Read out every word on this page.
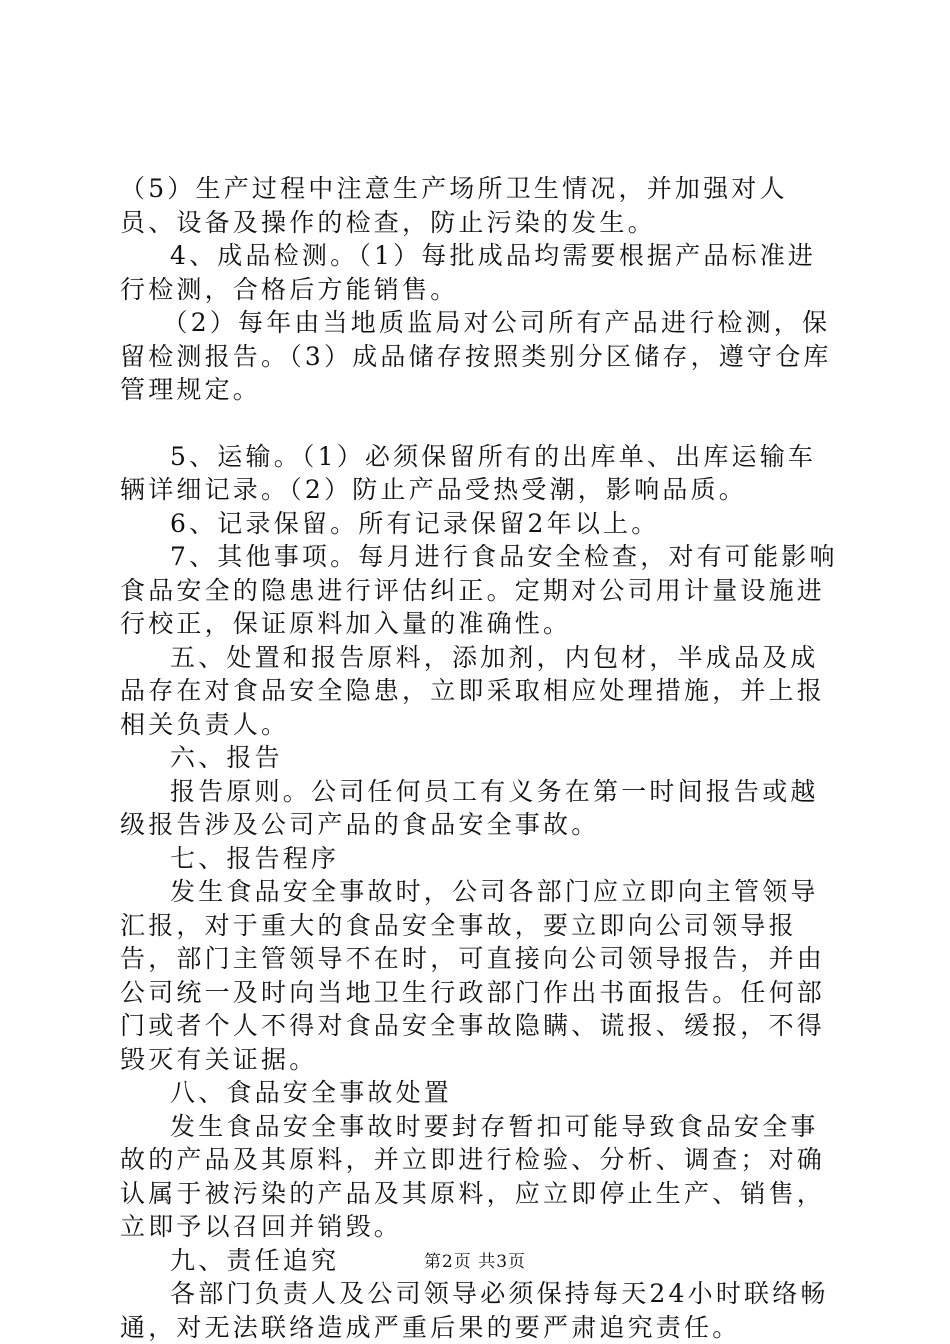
（5）生产过程中注意生产场所卫生情况，并加强对人员、设备及操作的检查，防止污染的发生。

4、成品检测。（1）每批成品均需要根据产品标准进行检测，合格后方能销售。

（2）每年由当地质监局对公司所有产品进行检测，保留检测报告。（3）成品储存按照类别分区储存，遵守仓库管理规定。

5、运输。（1）必须保留所有的出库单、出库运输车辆详细记录。（2）防止产品受热受潮，影响品质。

6、记录保留。所有记录保留2年以上。

7、其他事项。每月进行食品安全检查，对有可能影响食品安全的隐患进行评估纠正。定期对公司用计量设施进行校正，保证原料加入量的准确性。

五、处置和报告原料，添加剂，内包材，半成品及成品存在对食品安全隐患，立即采取相应处理措施，并上报相关负责人。

六、报告

报告原则。公司任何员工有义务在第一时间报告或越级报告涉及公司产品的食品安全事故。

七、报告程序

发生食品安全事故时，公司各部门应立即向主管领导汇报，对于重大的食品安全事故，要立即向公司领导报告，部门主管领导不在时，可直接向公司领导报告，并由公司统一及时向当地卫生行政部门作出书面报告。任何部门或者个人不得对食品安全事故隐瞒、谎报、缓报，不得毁灭有关证据。

八、食品安全事故处置

发生食品安全事故时要封存暂扣可能导致食品安全事故的产品及其原料，并立即进行检验、分析、调查；对确认属于被污染的产品及其原料，应立即停止生产、销售，立即予以召回并销毁。

九、责任追究

各部门负责人及公司领导必须保持每天24小时联络畅通，对无法联络造成严重后果的要严肃追究责任。

第2页 共3页
